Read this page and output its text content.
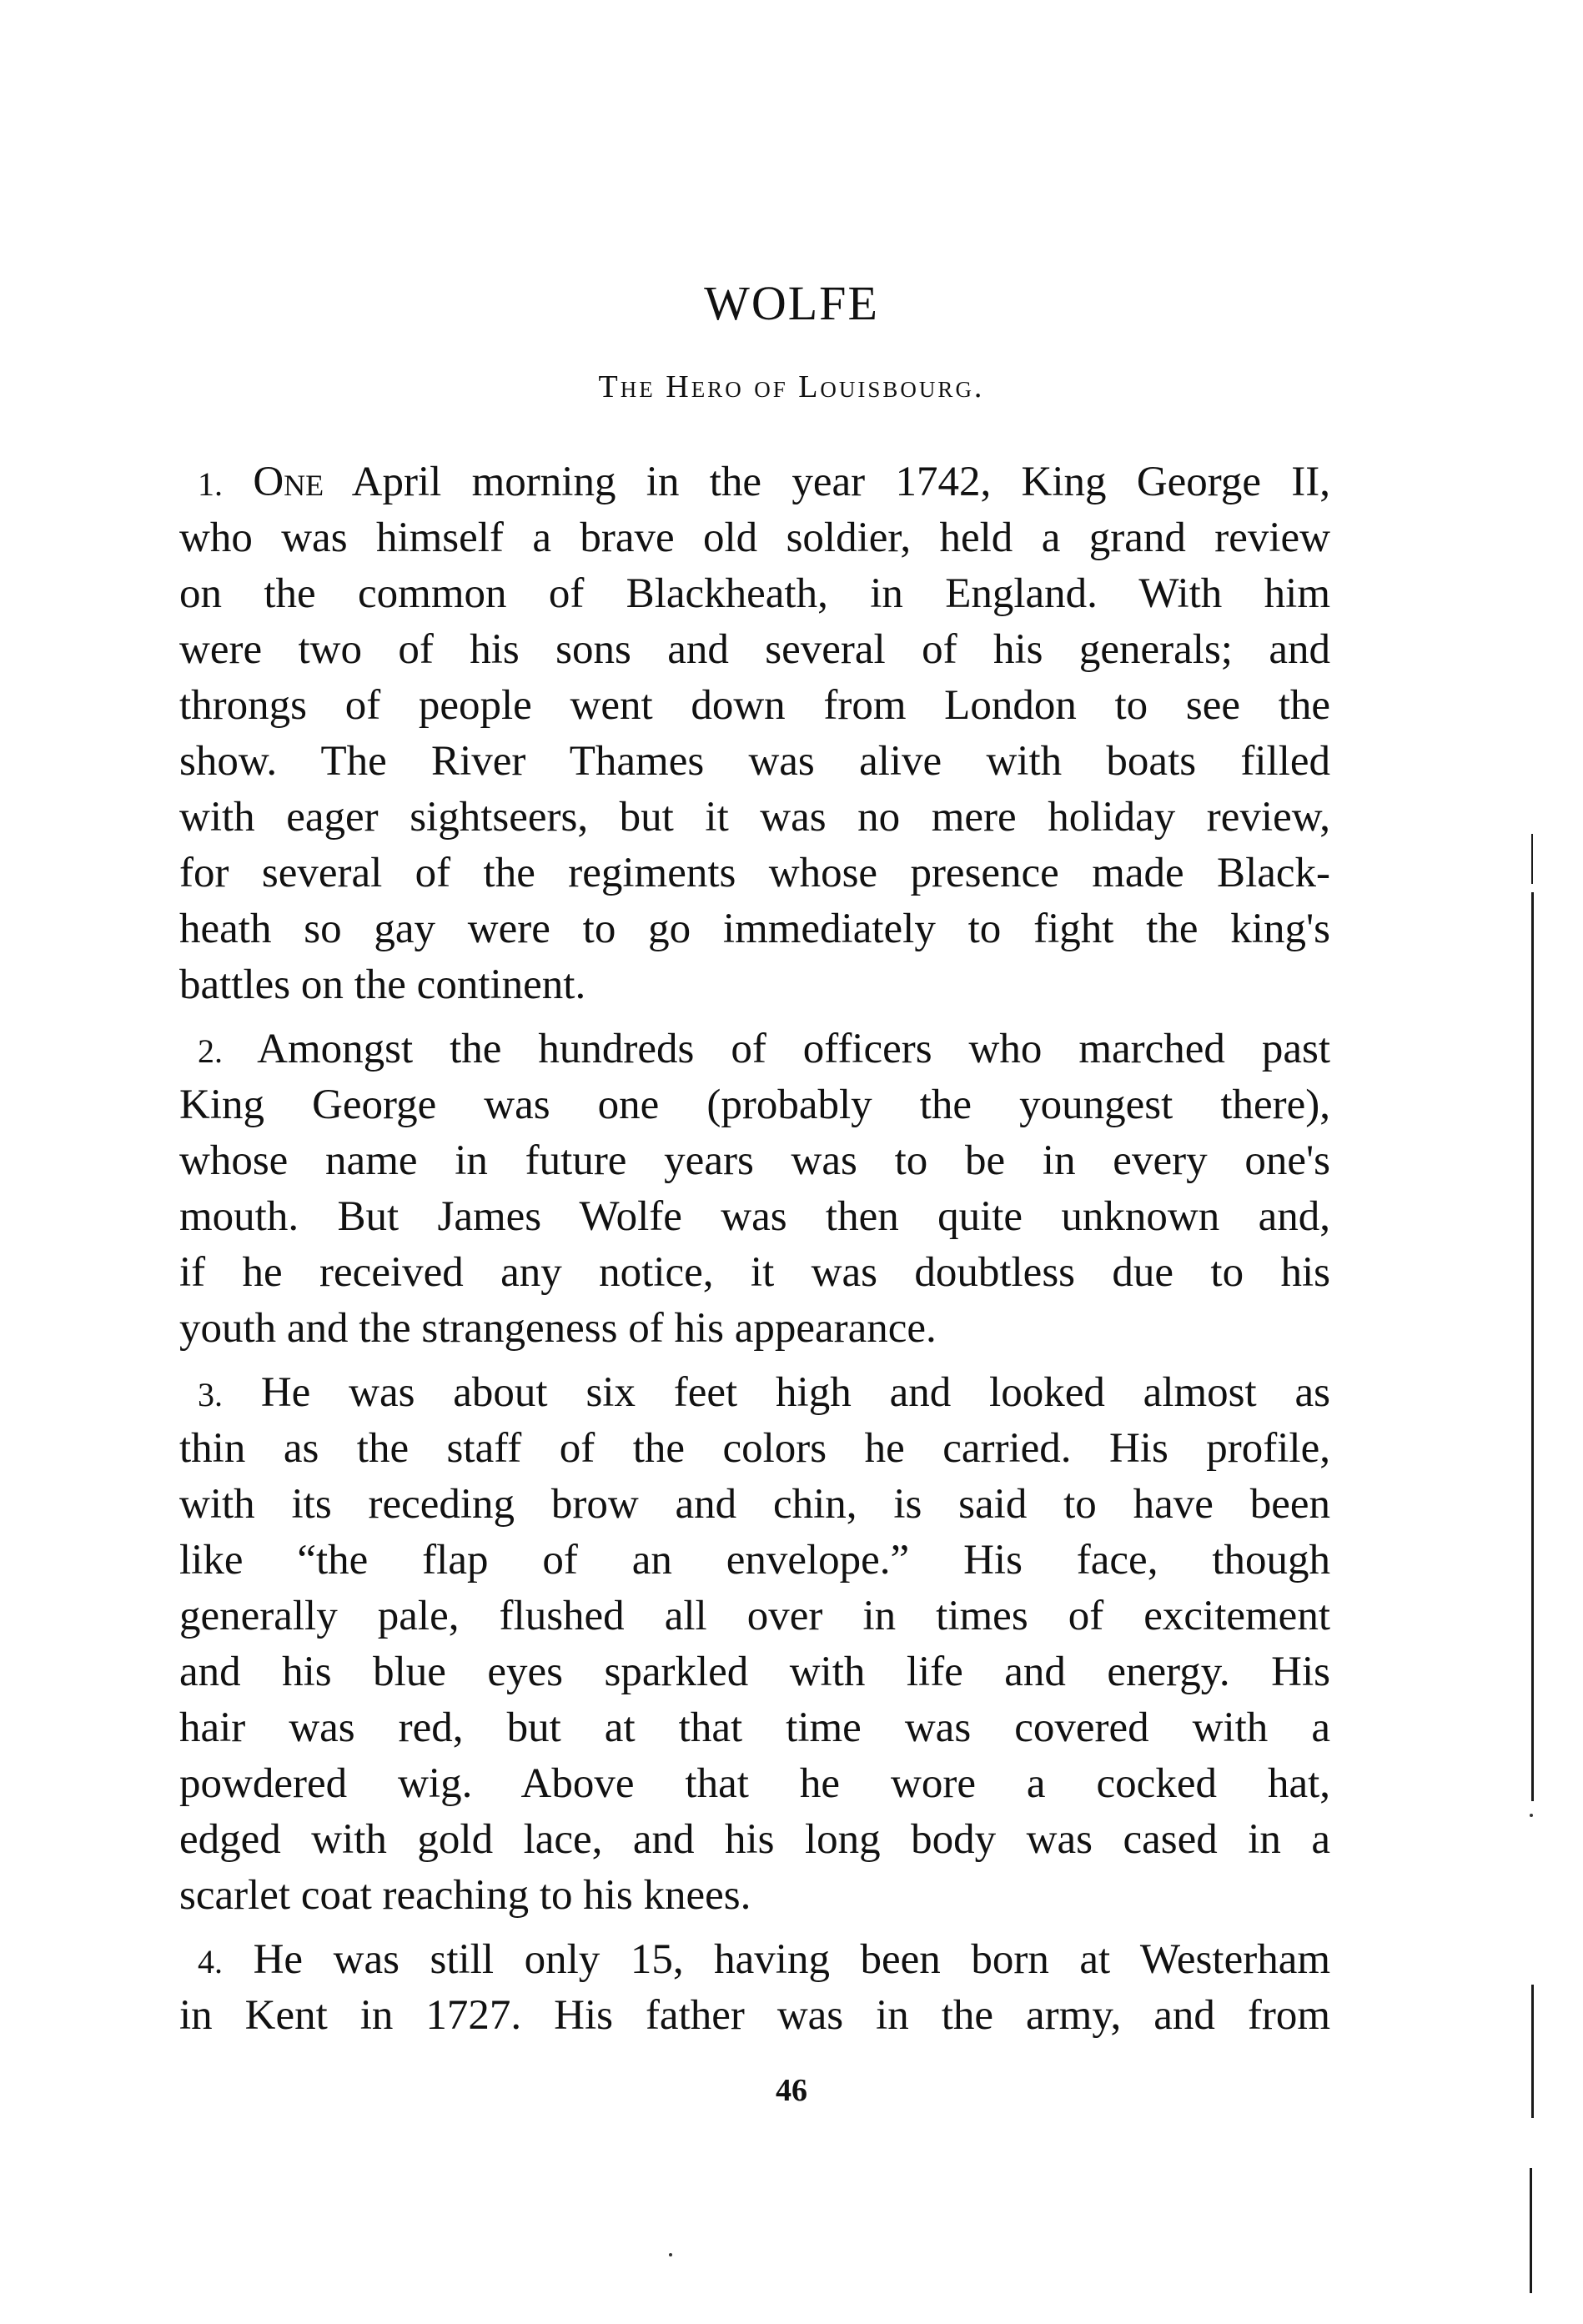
WOLFE
The Hero of Louisbourg.
1. One April morning in the year 1742, King George II,
who was himself a brave old soldier, held a grand review
on the common of Blackheath, in England. With him
were two of his sons and several of his generals; and
throngs of people went down from London to see the
show. The River Thames was alive with boats filled
with eager sightseers, but it was no mere holiday review,
for several of the regiments whose presence made Black-
heath so gay were to go immediately to fight the king's
battles on the continent.
2. Amongst the hundreds of officers who marched past
King George was one (probably the youngest there),
whose name in future years was to be in every one's
mouth. But James Wolfe was then quite unknown and,
if he received any notice, it was doubtless due to his
youth and the strangeness of his appearance.
3. He was about six feet high and looked almost as
thin as the staff of the colors he carried. His profile,
with its receding brow and chin, is said to have been
like “the flap of an envelope.” His face, though
generally pale, flushed all over in times of excitement
and his blue eyes sparkled with life and energy. His
hair was red, but at that time was covered with a
powdered wig. Above that he wore a cocked hat,
edged with gold lace, and his long body was cased in a
scarlet coat reaching to his knees.
4. He was still only 15, having been born at Westerham
in Kent in 1727. His father was in the army, and from
46
